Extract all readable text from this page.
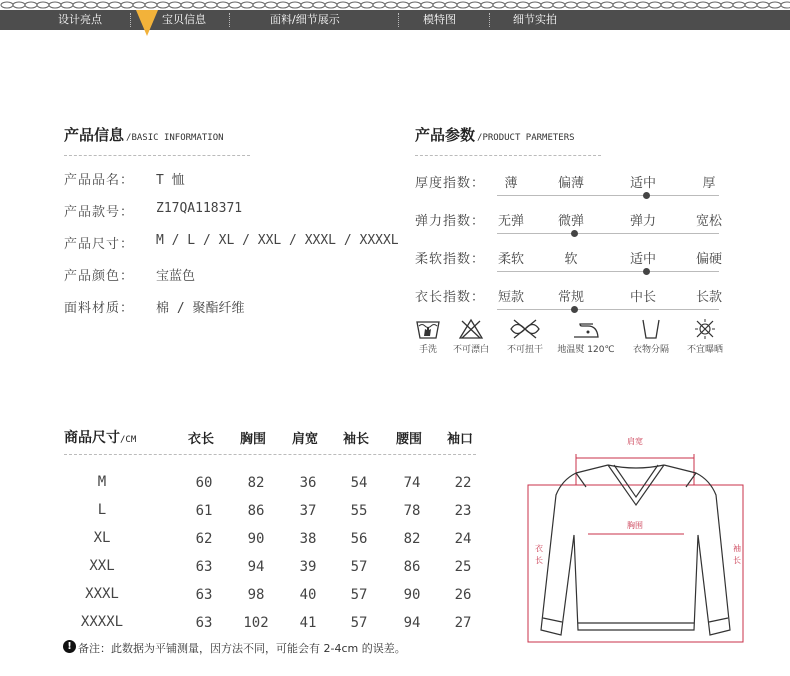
设计亮点	宝贝信息	面料/细节展示	模特图	细节实拍
产品信息 /BASIC INFORMATION
产品品名： T 恤
产品款号： Z17QA118371
产品尺寸： M / L / XL / XXL / XXXL / XXXXL
产品颜色： 宝蓝色
面料材质： 棉 / 聚酯纤维
产品参数 /PRODUCT PARMETERS
厚度指数：	薄	偏薄	适中	厚
弹力指数： 无弹	微弹	弹力	宽松
柔软指数： 柔软	软	适中	偏硬
衣长指数： 短款	常规	中长	长款
手洗	不可漂白	不可扭干	地温熨 120℃	衣物分隔	不宜曝晒
商品尺寸/CM	衣长 胸围 肩宽 袖长 腰围 袖口
M	60	82	36	54	74	22
L	61	86	37	55	78	23
XL	62	90	38	56	82	24
XXL	63	94	39	57	86	25
XXXL	63	98	40	57	90	26
XXXXL	63	102	41	57	94	27
! 备注：此数据为平铺测量，因方法不同，可能会有 2-4cm 的误差。
肩宽
胸围
衣
长
袖
长
